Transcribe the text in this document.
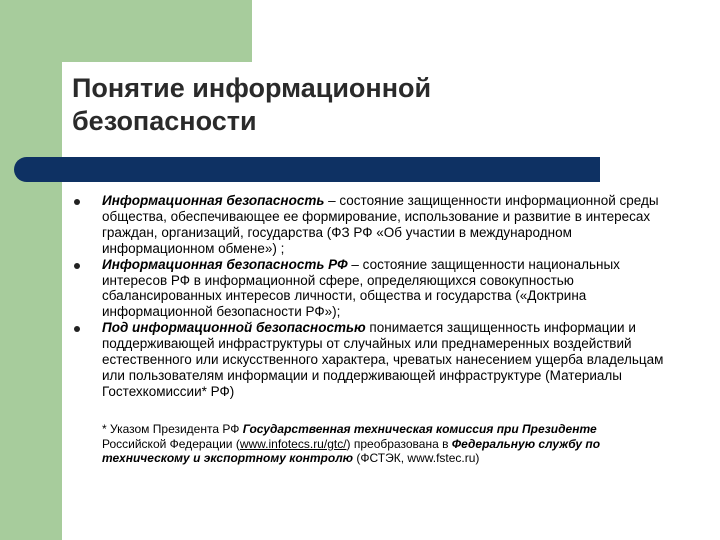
Понятие информационной
безопасности
Информационная безопасность – состояние защищенности информационной среды общества, обеспечивающее ее формирование, использование и развитие в интересах граждан, организаций, государства (ФЗ РФ «Об участии в международном информационном обмене») ;
Информационная безопасность РФ – состояние защищенности национальных интересов РФ в информационной сфере, определяющихся совокупностью сбалансированных интересов личности, общества и государства («Доктрина информационной безопасности РФ»);
Под информационной безопасностью понимается защищенность информации и поддерживающей инфраструктуры от случайных или преднамеренных воздействий естественного или искусственного характера, чреватых нанесением ущерба владельцам или пользователям информации и поддерживающей инфраструктуре (Материалы Гостехкомиссии* РФ)
* Указом Президента РФ Государственная техническая комиссия при Президенте Российской Федерации (www.infotecs.ru/gtc/) преобразована в Федеральную службу по техническому и экспортному контролю (ФСТЭК, www.fstec.ru)
